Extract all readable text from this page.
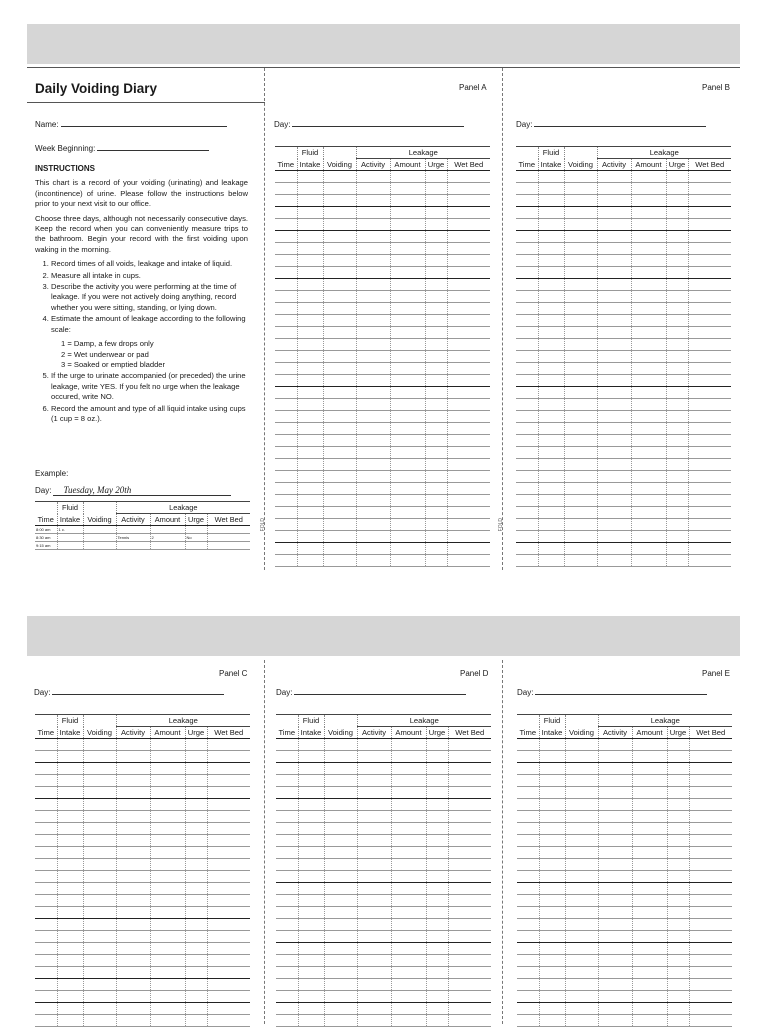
FOLD	FOLD
Daily Voiding Diary
Name:
Week Beginning:
INSTRUCTIONS

This chart is a record of your voiding (urinating) and leakage (incontinence) of urine. Please follow the instructions below prior to your next visit to our office.

Choose three days, although not necessarily consecutive days. Keep the record when you can conveniently measure trips to the bathroom. Begin your record with the first voiding upon waking in the morning.

1. Record times of all voids, leakage and intake of liquid.
2. Measure all intake in cups.
3. Describe the activity you were performing at the time of leakage. If you were not actively doing anything, record whether you were sitting, standing, or lying down.
4. Estimate the amount of leakage according to the following scale:
1 = Damp, a few drops only
2 = Wet underwear or pad
3 = Soaked or emptied bladder
5. If the urge to urinate accompanied (or preceded) the urine leakage, write YES. If you felt no urge when the leakage occured, write NO.
6. Record the amount and type of all liquid intake using cups (1 cup = 8 oz.).
Example:
Day: Tuesday, May 20th
	Fluid		Leakage			
Time	Intake	Voiding	Activity	Amount	Urge	Wet Bed
8:00 am	1 c.					
8:30 am			Tennis	2	No	
9:15 am						
Panel A	Panel B
Day:	Day:
	Fluid		Leakage			
Time	Intake	Voiding	Activity	Amount	Urge	Wet Bed

	Fluid		Leakage			
Time	Intake	Voiding	Activity	Amount	Urge	Wet Bed

Panel C	Panel D	Panel E
Day:	Day:	Day:
	Fluid		Leakage			
Time	Intake	Voiding	Activity	Amount	Urge	Wet Bed

	Fluid		Leakage			
Time	Intake	Voiding	Activity	Amount	Urge	Wet Bed

	Fluid		Leakage			
Time	Intake	Voiding	Activity	Amount	Urge	Wet Bed
